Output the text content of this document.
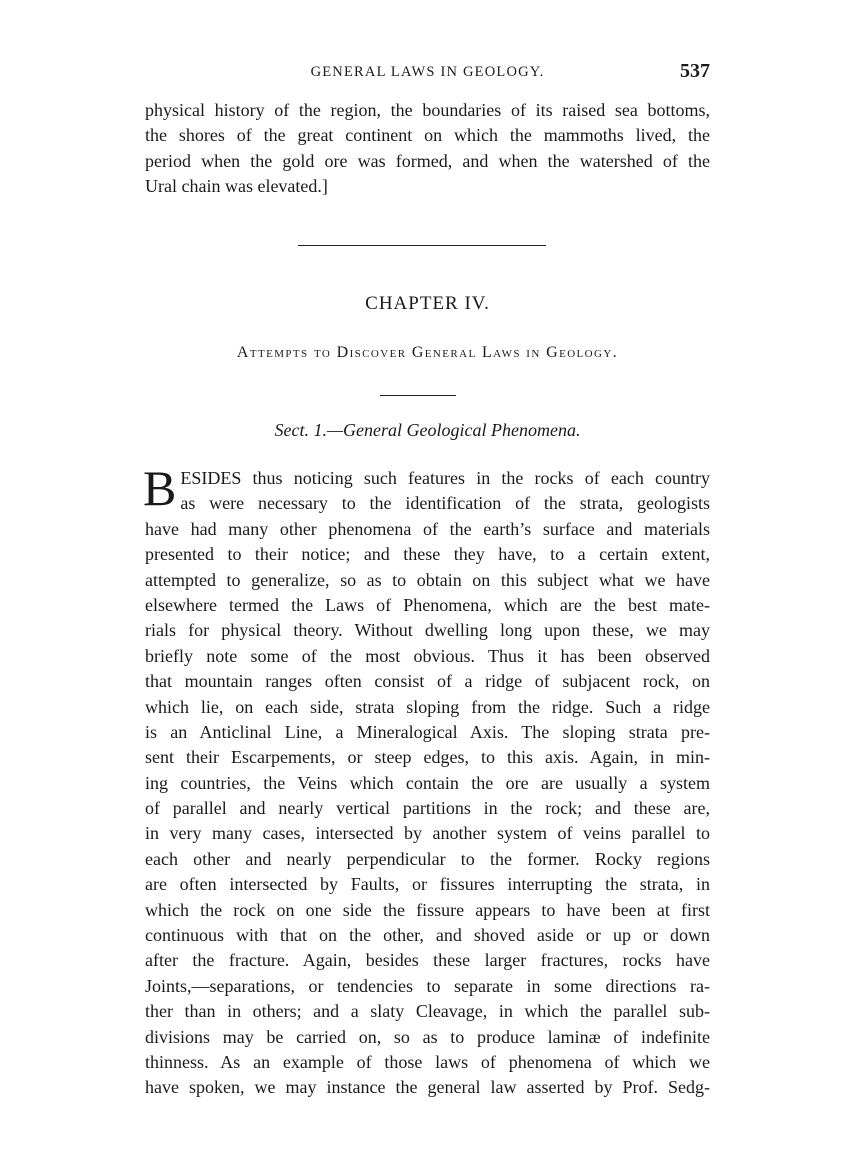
GENERAL LAWS IN GEOLOGY.	537
physical history of the region, the boundaries of its raised sea bottoms,
the shores of the great continent on which the mammoths lived, the
period when the gold ore was formed, and when the watershed of the
Ural chain was elevated.]
CHAPTER IV.
Attempts to Discover General Laws in Geology.
Sect. 1.—General Geological Phenomena.
B ESIDES thus noticing such features in the rocks of each country
as were necessary to the identification of the strata, geologists
have had many other phenomena of the earth’s surface and materials
presented to their notice; and these they have, to a certain extent,
attempted to generalize, so as to obtain on this subject what we have
elsewhere termed the Laws of Phenomena, which are the best mate-
rials for physical theory. Without dwelling long upon these, we may
briefly note some of the most obvious. Thus it has been observed
that mountain ranges often consist of a ridge of subjacent rock, on
which lie, on each side, strata sloping from the ridge. Such a ridge
is an Anticlinal Line, a Mineralogical Axis. The sloping strata pre-
sent their Escarpements, or steep edges, to this axis. Again, in min-
ing countries, the Veins which contain the ore are usually a system
of parallel and nearly vertical partitions in the rock; and these are,
in very many cases, intersected by another system of veins parallel to
each other and nearly perpendicular to the former. Rocky regions
are often intersected by Faults, or fissures interrupting the strata, in
which the rock on one side the fissure appears to have been at first
continuous with that on the other, and shoved aside or up or down
after the fracture. Again, besides these larger fractures, rocks have
Joints,—separations, or tendencies to separate in some directions ra-
ther than in others; and a slaty Cleavage, in which the parallel sub-
divisions may be carried on, so as to produce laminæ of indefinite
thinness. As an example of those laws of phenomena of which we
have spoken, we may instance the general law asserted by Prof. Sedg-
